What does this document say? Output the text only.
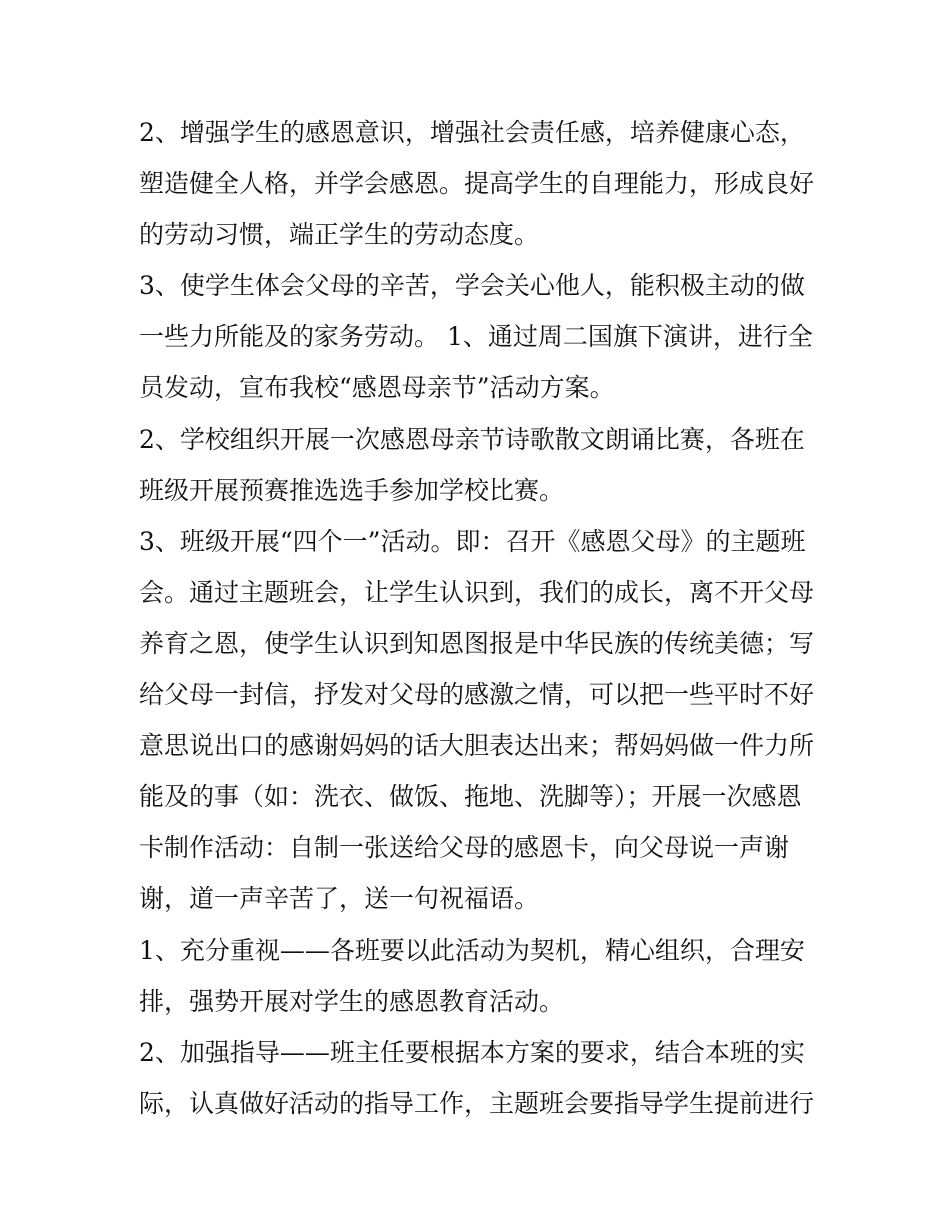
2、增强学生的感恩意识，增强社会责任感，培养健康心态，
塑造健全人格，并学会感恩。提高学生的自理能力，形成良好
的劳动习惯，端正学生的劳动态度。
3、使学生体会父母的辛苦，学会关心他人，能积极主动的做
一些力所能及的家务劳动。 1、通过周二国旗下演讲，进行全
员发动，宣布我校“感恩母亲节”活动方案。
2、学校组织开展一次感恩母亲节诗歌散文朗诵比赛，各班在
班级开展预赛推选选手参加学校比赛。
3、班级开展“四个一”活动。即：召开《感恩父母》的主题班
会。通过主题班会，让学生认识到，我们的成长，离不开父母
养育之恩，使学生认识到知恩图报是中华民族的传统美德；写
给父母一封信，抒发对父母的感激之情，可以把一些平时不好
意思说出口的感谢妈妈的话大胆表达出来；帮妈妈做一件力所
能及的事（如：洗衣、做饭、拖地、洗脚等）；开展一次感恩
卡制作活动：自制一张送给父母的感恩卡，向父母说一声谢
谢，道一声辛苦了，送一句祝福语。
1、充分重视——各班要以此活动为契机，精心组织，合理安
排，强势开展对学生的感恩教育活动。
2、加强指导——班主任要根据本方案的要求，结合本班的实
际，认真做好活动的指导工作，主题班会要指导学生提前进行
